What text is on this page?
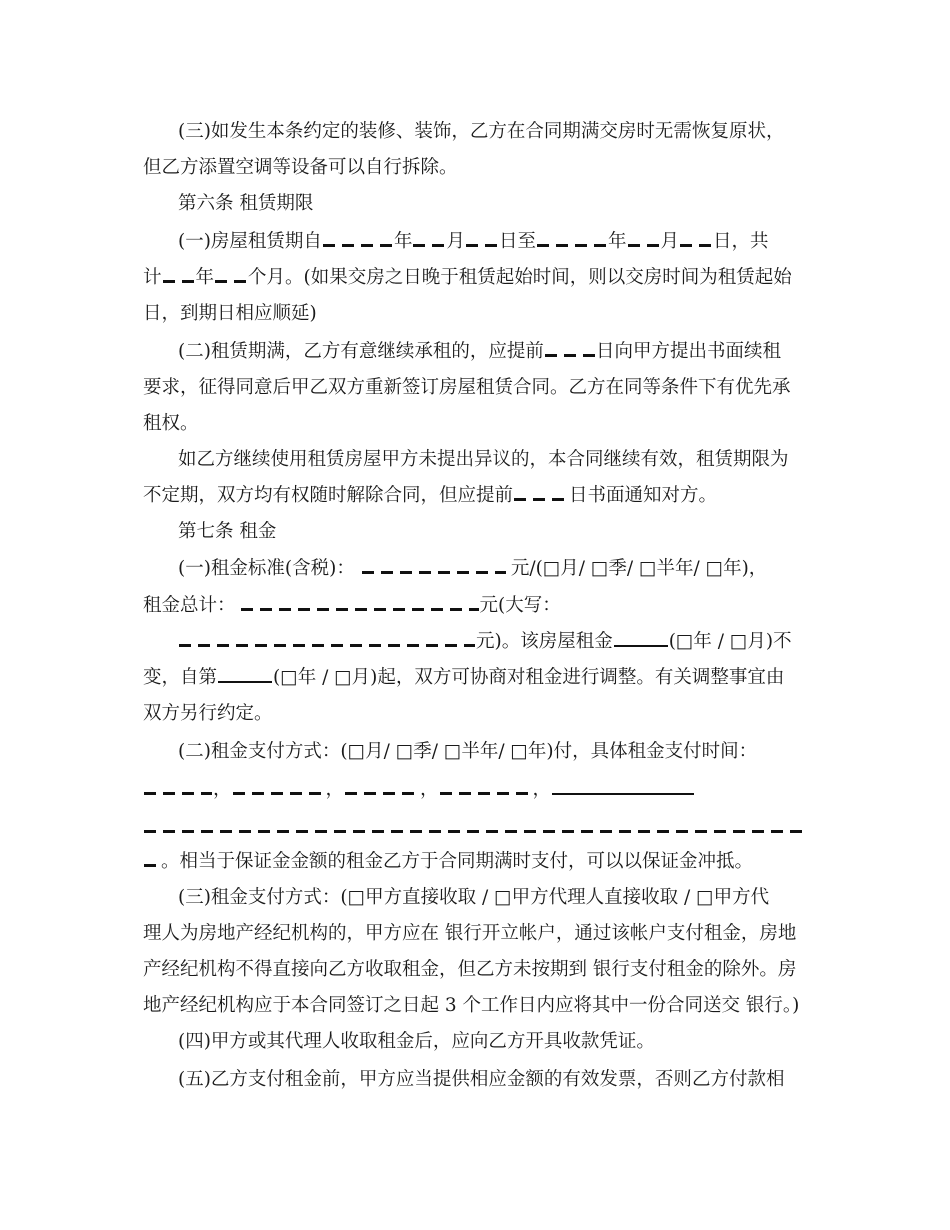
(三)如发生本条约定的装修、装饰，乙方在合同期满交房时无需恢复原状，
但乙方添置空调等设备可以自行拆除。
第六条 租赁期限
(一)房屋租赁期自	年 月 日至	年 月 日，共
计 年 个月。(如果交房之日晚于租赁起始时间，则以交房时间为租赁起始
日，到期日相应顺延)
(二)租赁期满，乙方有意继续承租的，应提前	日向甲方提出书面续租
要求，征得同意后甲乙双方重新签订房屋租赁合同。乙方在同等条件下有优先承
租权。
如乙方继续使用租赁房屋甲方未提出异议的，本合同继续有效，租赁期限为
不定期，双方均有权随时解除合同，但应提前	日书面通知对方。
第七条 租金
(一)租金标准(含税)：	元/(□月/ □季/ □半年/ □年)，
租金总计：	元(大写：
元)。该房屋租金	(□年 / □月)不
变，自第	(□年 / □月)起，双方可协商对租金进行调整。有关调整事宜由
双方另行约定。
(二)租金支付方式：(□月/ □季/ □半年/ □年)付，具体租金支付时间：
，	，	，	，
。相当于保证金金额的租金乙方于合同期满时支付，可以以保证金冲抵。
(三)租金支付方式：(□甲方直接收取 / □甲方代理人直接收取 / □甲方代
理人为房地产经纪机构的，甲方应在 银行开立帐户，通过该帐户支付租金，房地
产经纪机构不得直接向乙方收取租金，但乙方未按期到 银行支付租金的除外。房
地产经纪机构应于本合同签订之日起 3 个工作日内应将其中一份合同送交 银行。)
(四)甲方或其代理人收取租金后，应向乙方开具收款凭证。
(五)乙方支付租金前，甲方应当提供相应金额的有效发票，否则乙方付款相
